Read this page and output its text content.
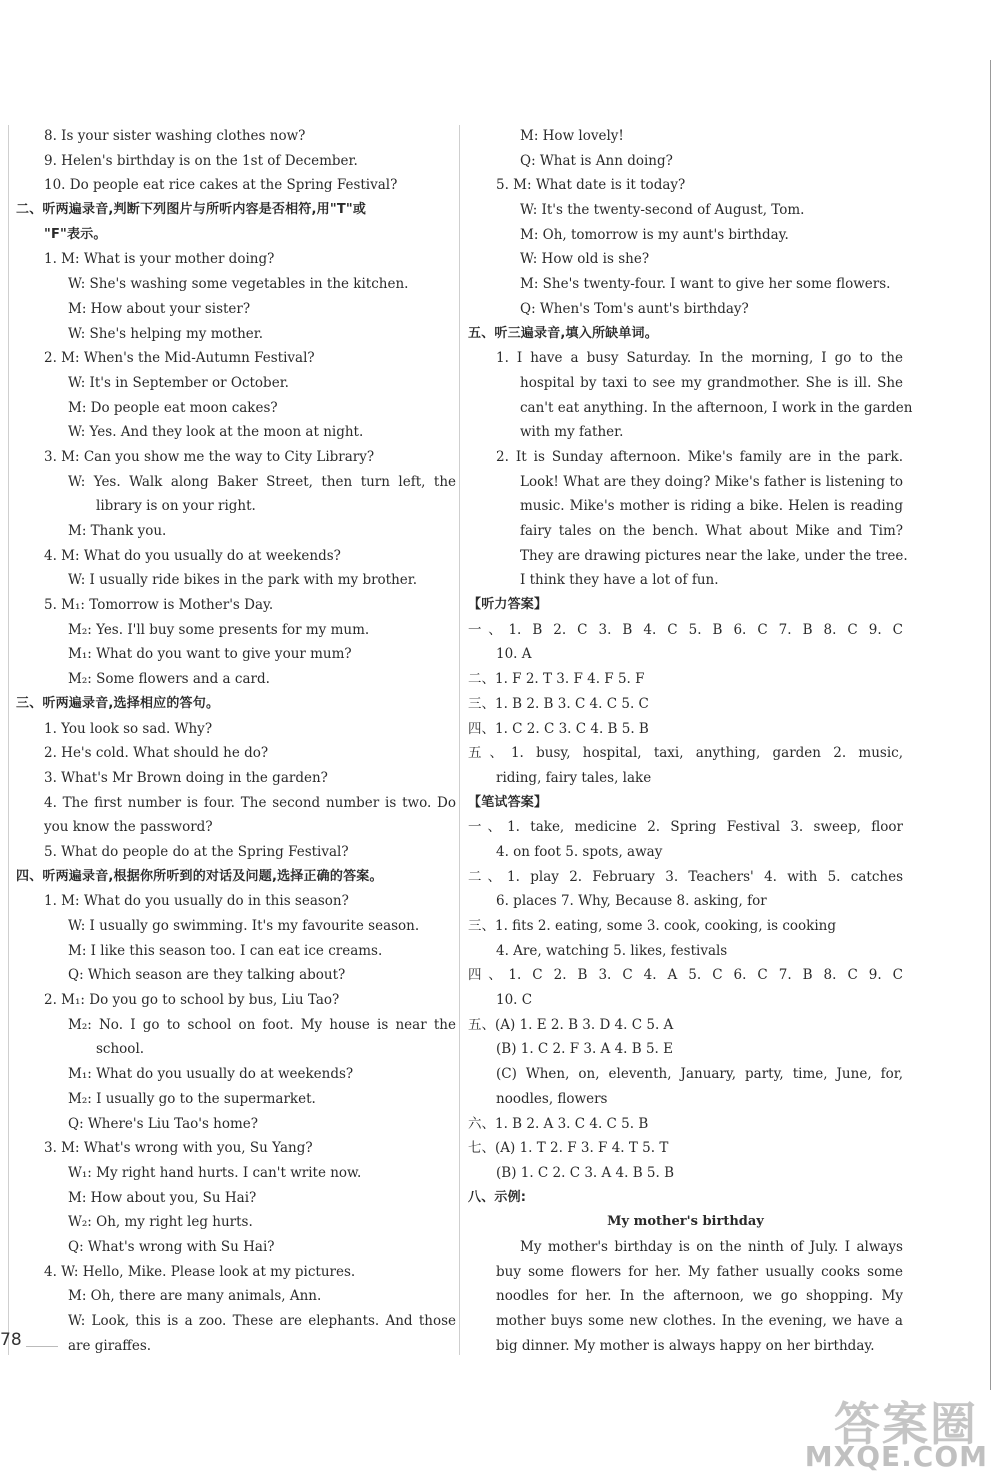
8. Is your sister washing clothes now?
9. Helen's birthday is on the 1st of December.
10. Do people eat rice cakes at the Spring Festival?
二、听两遍录音,判断下列图片与所听内容是否相符,用"T"或
"F"表示。
1. M: What is your mother doing?
W: She's washing some vegetables in the kitchen.
M: How about your sister?
W: She's helping my mother.
2. M: When's the Mid-Autumn Festival?
W: It's in September or October.
M: Do people eat moon cakes?
W: Yes. And they look at the moon at night.
3. M: Can you show me the way to City Library?
W: Yes. Walk along Baker Street, then turn left, the
library is on your right.
M: Thank you.
4. M: What do you usually do at weekends?
W: I usually ride bikes in the park with my brother.
5. M₁: Tomorrow is Mother's Day.
M₂: Yes. I'll buy some presents for my mum.
M₁: What do you want to give your mum?
M₂: Some flowers and a card.
三、听两遍录音,选择相应的答句。
1. You look so sad. Why?
2. He's cold. What should he do?
3. What's Mr Brown doing in the garden?
4. The first number is four. The second number is two. Do
you know the password?
5. What do people do at the Spring Festival?
四、听两遍录音,根据你所听到的对话及问题,选择正确的答案。
1. M: What do you usually do in this season?
W: I usually go swimming. It's my favourite season.
M: I like this season too. I can eat ice creams.
Q: Which season are they talking about?
2. M₁: Do you go to school by bus, Liu Tao?
M₂: No. I go to school on foot. My house is near the
school.
M₁: What do you usually do at weekends?
M₂: I usually go to the supermarket.
Q: Where's Liu Tao's home?
3. M: What's wrong with you, Su Yang?
W₁: My right hand hurts. I can't write now.
M: How about you, Su Hai?
W₂: Oh, my right leg hurts.
Q: What's wrong with Su Hai?
4. W: Hello, Mike. Please look at my pictures.
M: Oh, there are many animals, Ann.
W: Look, this is a zoo. These are elephants. And those
are giraffes.
M: How lovely!
Q: What is Ann doing?
5. M: What date is it today?
W: It's the twenty-second of August, Tom.
M: Oh, tomorrow is my aunt's birthday.
W: How old is she?
M: She's twenty-four. I want to give her some flowers.
Q: When's Tom's aunt's birthday?
五、听三遍录音,填入所缺单词。
1. I have a busy Saturday. In the morning, I go to the
hospital by taxi to see my grandmother. She is ill. She
can't eat anything. In the afternoon, I work in the garden
with my father.
2. It is Sunday afternoon. Mike's family are in the park.
Look! What are they doing? Mike's father is listening to
music. Mike's mother is riding a bike. Helen is reading
fairy tales on the bench. What about Mike and Tim?
They are drawing pictures near the lake, under the tree.
I think they have a lot of fun.
【听力答案】
一、1. B 2. C 3. B 4. C 5. B 6. C 7. B 8. C 9. C
10. A
二、1. F 2. T 3. F 4. F 5. F
三、1. B 2. B 3. C 4. C 5. C
四、1. C 2. C 3. C 4. B 5. B
五、1. busy, hospital, taxi, anything, garden 2. music,
riding, fairy tales, lake
【笔试答案】
一、1. take, medicine 2. Spring Festival 3. sweep, floor
4. on foot 5. spots, away
二、1. play 2. February 3. Teachers' 4. with 5. catches
6. places 7. Why, Because 8. asking, for
三、1. fits 2. eating, some 3. cook, cooking, is cooking
4. Are, watching 5. likes, festivals
四、1. C 2. B 3. C 4. A 5. C 6. C 7. B 8. C 9. C
10. C
五、(A) 1. E 2. B 3. D 4. C 5. A
(B) 1. C 2. F 3. A 4. B 5. E
(C) When, on, eleventh, January, party, time, June, for,
noodles, flowers
六、1. B 2. A 3. C 4. C 5. B
七、(A) 1. T 2. F 3. F 4. T 5. T
(B) 1. C 2. C 3. A 4. B 5. B
八、示例:
My mother's birthday
My mother's birthday is on the ninth of July. I always
buy some flowers for her. My father usually cooks some
noodles for her. In the afternoon, we go shopping. My
mother buys some new clothes. In the evening, we have a
big dinner. My mother is always happy on her birthday.
78
答案圈
MXQE.COM
